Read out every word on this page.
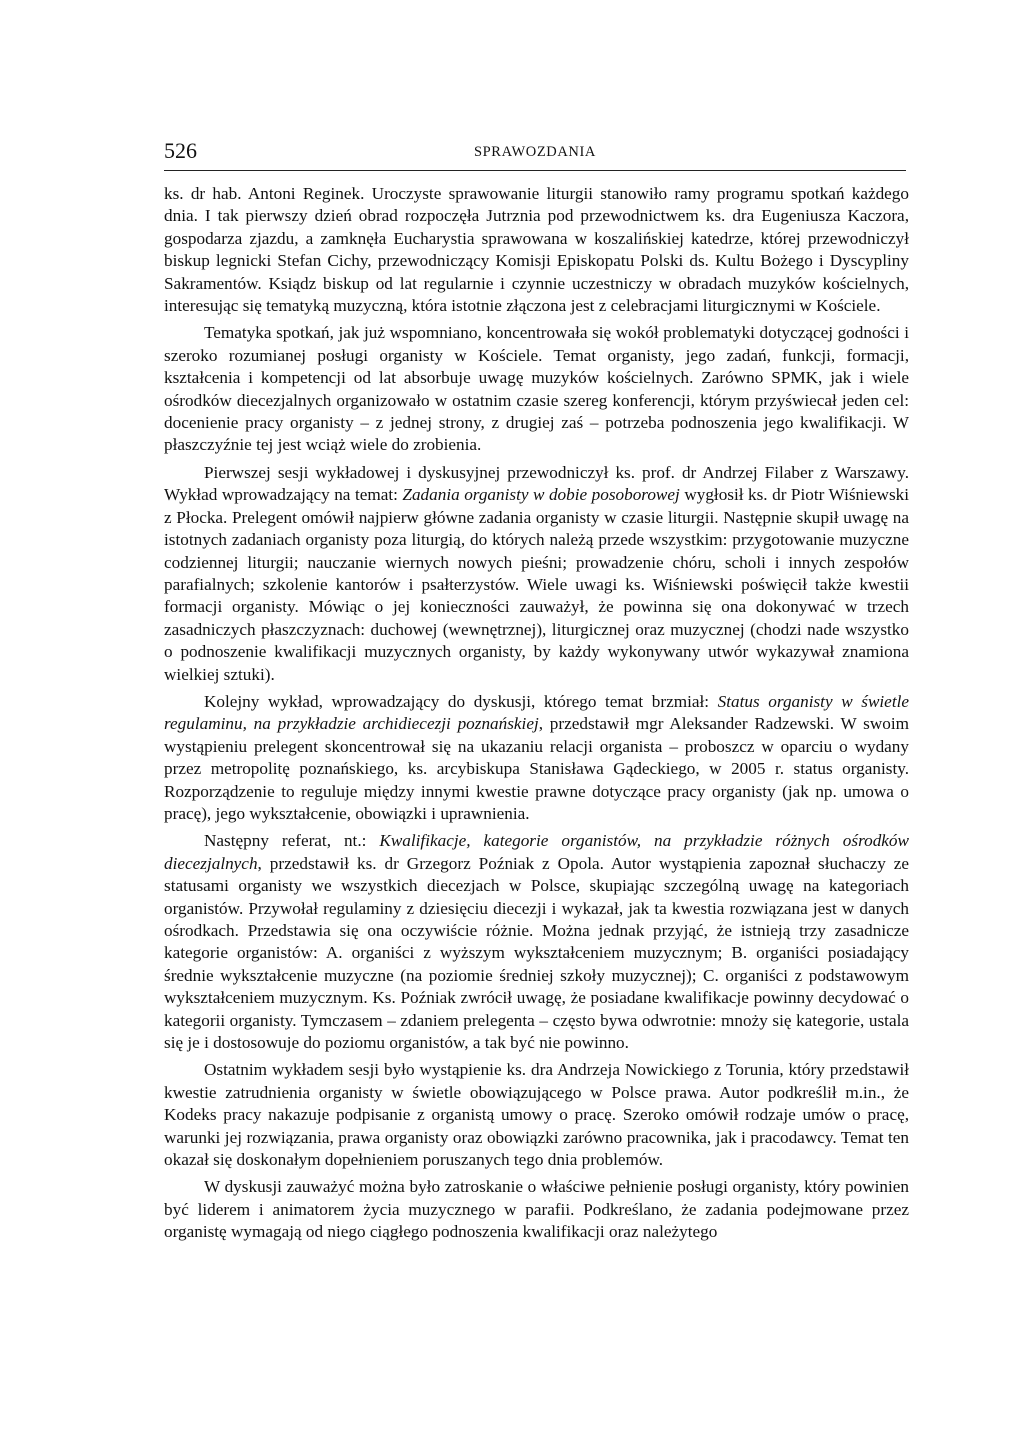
526	SPRAWOZDANIA

ks. dr hab. Antoni Reginek. Uroczyste sprawowanie liturgii stanowiło ramy programu spotkań każdego dnia. I tak pierwszy dzień obrad rozpoczęła Jutrznia pod przewodnictwem ks. dra Eugeniusza Kaczora, gospodarza zjazdu, a zamknęła Eucharystia sprawowana w koszalińskiej katedrze, której przewodniczył biskup legnicki Stefan Cichy, przewodniczący Komisji Episkopatu Polski ds. Kultu Bożego i Dyscypliny Sakramentów. Ksiądz biskup od lat regularnie i czynnie uczestniczy w obradach muzyków kościelnych, interesując się tematyką muzyczną, która istotnie złączona jest z celebracjami liturgicznymi w Kościele.

Tematyka spotkań, jak już wspomniano, koncentrowała się wokół problematyki dotyczącej godności i szeroko rozumianej posługi organisty w Kościele. Temat organisty, jego zadań, funkcji, formacji, kształcenia i kompetencji od lat absorbuje uwagę muzyków kościelnych. Zarówno SPMK, jak i wiele ośrodków diecezjalnych organizowało w ostatnim czasie szereg konferencji, którym przyświecał jeden cel: docenienie pracy organisty – z jednej strony, z drugiej zaś – potrzeba podnoszenia jego kwalifikacji. W płaszczyźnie tej jest wciąż wiele do zrobienia.

Pierwszej sesji wykładowej i dyskusyjnej przewodniczył ks. prof. dr Andrzej Filaber z Warszawy. Wykład wprowadzający na temat: Zadania organisty w dobie posoborowej wygłosił ks. dr Piotr Wiśniewski z Płocka. Prelegent omówił najpierw główne zadania organisty w czasie liturgii. Następnie skupił uwagę na istotnych zadaniach organisty poza liturgią, do których należą przede wszystkim: przygotowanie muzyczne codziennej liturgii; nauczanie wiernych nowych pieśni; prowadzenie chóru, scholi i innych zespołów parafialnych; szkolenie kantorów i psałterzystów. Wiele uwagi ks. Wiśniewski poświęcił także kwestii formacji organisty. Mówiąc o jej konieczności zauważył, że powinna się ona dokonywać w trzech zasadniczych płaszczyznach: duchowej (wewnętrznej), liturgicznej oraz muzycznej (chodzi nade wszystko o podnoszenie kwalifikacji muzycznych organisty, by każdy wykonywany utwór wykazywał znamiona wielkiej sztuki).

Kolejny wykład, wprowadzający do dyskusji, którego temat brzmiał: Status organisty w świetle regulaminu, na przykładzie archidiecezji poznańskiej, przedstawił mgr Aleksander Radzewski. W swoim wystąpieniu prelegent skoncentrował się na ukazaniu relacji organista – proboszcz w oparciu o wydany przez metropolitę poznańskiego, ks. arcybiskupa Stanisława Gądeckiego, w 2005 r. status organisty. Rozporządzenie to reguluje między innymi kwestie prawne dotyczące pracy organisty (jak np. umowa o pracę), jego wykształcenie, obowiązki i uprawnienia.

Następny referat, nt.: Kwalifikacje, kategorie organistów, na przykładzie różnych ośrodków diecezjalnych, przedstawił ks. dr Grzegorz Poźniak z Opola. Autor wystąpienia zapoznał słuchaczy ze statusami organisty we wszystkich diecezjach w Polsce, skupiając szczególną uwagę na kategoriach organistów. Przywołał regulaminy z dziesięciu diecezji i wykazał, jak ta kwestia rozwiązana jest w danych ośrodkach. Przedstawia się ona oczywiście różnie. Można jednak przyjąć, że istnieją trzy zasadnicze kategorie organistów: A. organiści z wyższym wykształceniem muzycznym; B. organiści posiadający średnie wykształcenie muzyczne (na poziomie średniej szkoły muzycznej); C. organiści z podstawowym wykształceniem muzycznym. Ks. Poźniak zwrócił uwagę, że posiadane kwalifikacje powinny decydować o kategorii organisty. Tymczasem – zdaniem prelegenta – często bywa odwrotnie: mnoży się kategorie, ustala się je i dostosowuje do poziomu organistów, a tak być nie powinno.

Ostatnim wykładem sesji było wystąpienie ks. dra Andrzeja Nowickiego z Torunia, który przedstawił kwestie zatrudnienia organisty w świetle obowiązującego w Polsce prawa. Autor podkreślił m.in., że Kodeks pracy nakazuje podpisanie z organistą umowy o pracę. Szeroko omówił rodzaje umów o pracę, warunki jej rozwiązania, prawa organisty oraz obowiązki zarówno pracownika, jak i pracodawcy. Temat ten okazał się doskonałym dopełnieniem poruszanych tego dnia problemów.

W dyskusji zauważyć można było zatroskanie o właściwe pełnienie posługi organisty, który powinien być liderem i animatorem życia muzycznego w parafii. Podkreślano, że zadania podejmowane przez organistę wymagają od niego ciągłego podnoszenia kwalifikacji oraz należytego
